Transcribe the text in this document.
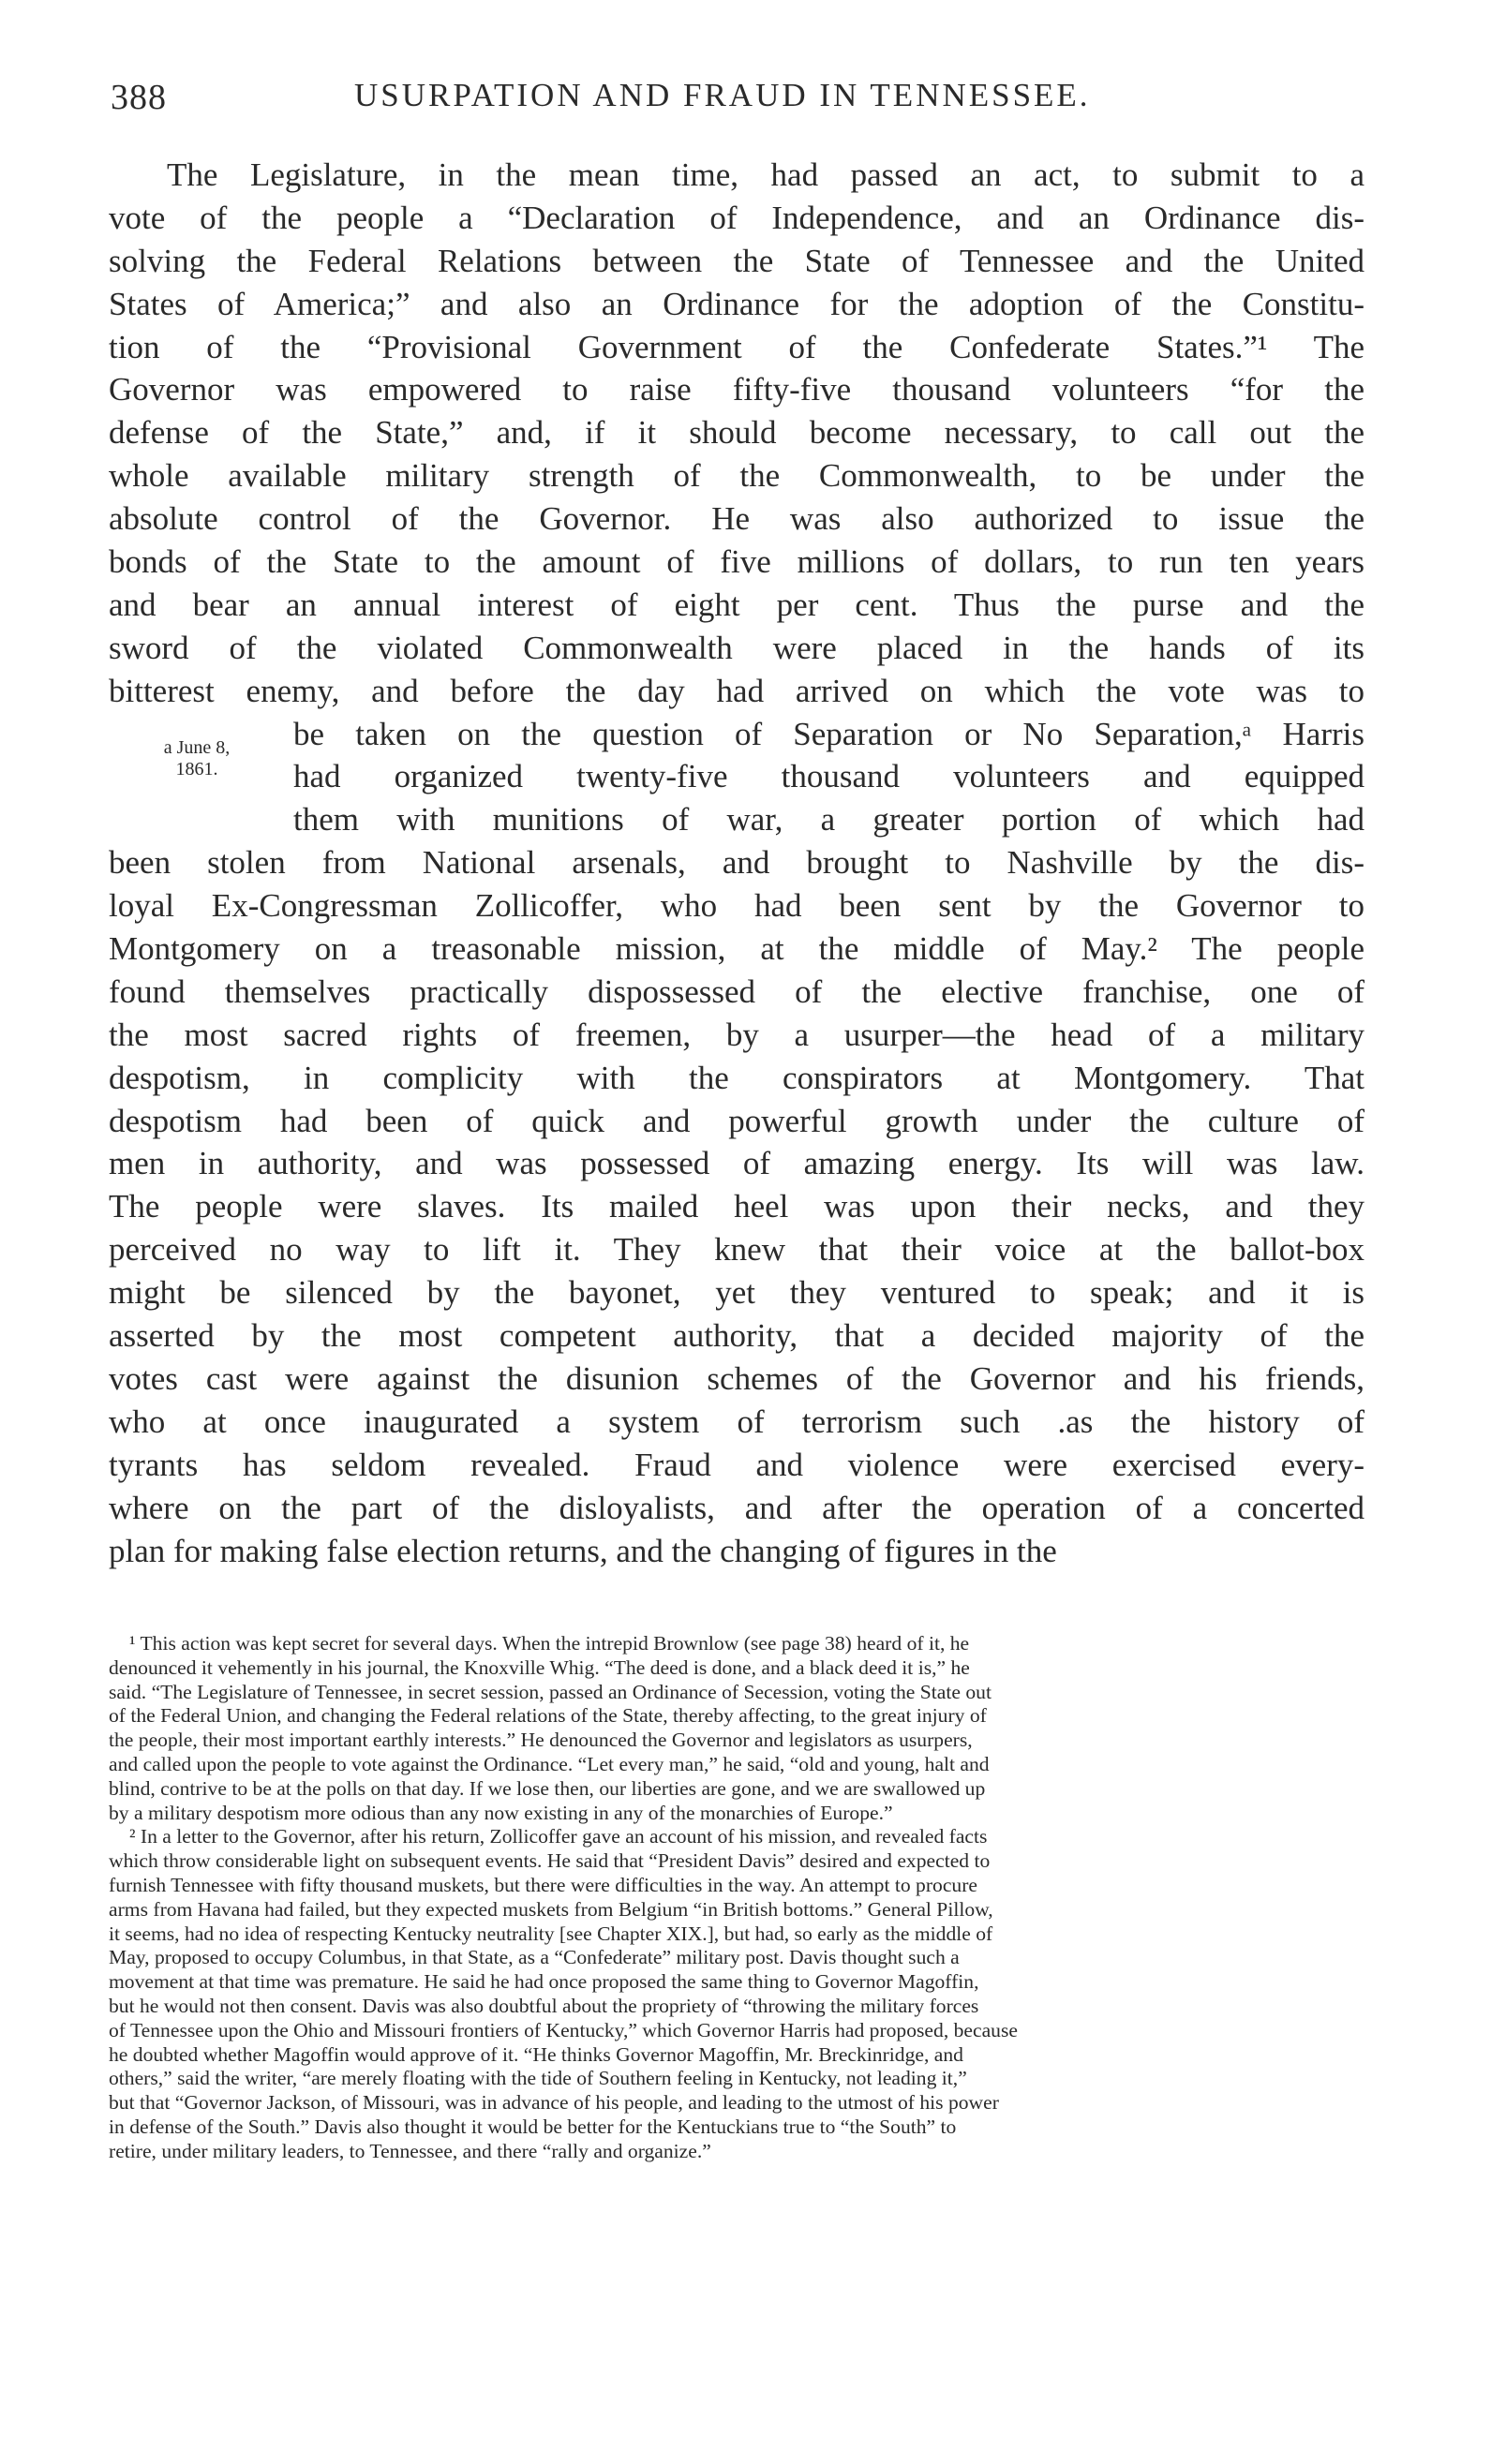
388	USURPATION AND FRAUD IN TENNESSEE.
a June 8,
1861.
The Legislature, in the mean time, had passed an act, to submit to a
vote of the people a “Declaration of Independence, and an Ordinance dis-
solving the Federal Relations between the State of Tennessee and the United
States of America;” and also an Ordinance for the adoption of the Constitu-
tion of the “Provisional Government of the Confederate States.”¹ The
Governor was empowered to raise fifty-five thousand volunteers “for the
defense of the State,” and, if it should become necessary, to call out the
whole available military strength of the Commonwealth, to be under the
absolute control of the Governor. He was also authorized to issue the
bonds of the State to the amount of five millions of dollars, to run ten years
and bear an annual interest of eight per cent. Thus the purse and the
sword of the violated Commonwealth were placed in the hands of its
bitterest enemy, and before the day had arrived on which the vote was to
be taken on the question of Separation or No Separation,ᵃ Harris
had organized twenty-five thousand volunteers and equipped
them with munitions of war, a greater portion of which had
been stolen from National arsenals, and brought to Nashville by the dis-
loyal Ex-Congressman Zollicoffer, who had been sent by the Governor to
Montgomery on a treasonable mission, at the middle of May.² The people
found themselves practically dispossessed of the elective franchise, one of
the most sacred rights of freemen, by a usurper—the head of a military
despotism, in complicity with the conspirators at Montgomery. That
despotism had been of quick and powerful growth under the culture of
men in authority, and was possessed of amazing energy. Its will was law.
The people were slaves. Its mailed heel was upon their necks, and they
perceived no way to lift it. They knew that their voice at the ballot-box
might be silenced by the bayonet, yet they ventured to speak; and it is
asserted by the most competent authority, that a decided majority of the
votes cast were against the disunion schemes of the Governor and his friends,
who at once inaugurated a system of terrorism such .as the history of
tyrants has seldom revealed. Fraud and violence were exercised every-
where on the part of the disloyalists, and after the operation of a concerted
plan for making false election returns, and the changing of figures in the
¹ This action was kept secret for several days. When the intrepid Brownlow (see page 38) heard of it, he
denounced it vehemently in his journal, the Knoxville Whig. “The deed is done, and a black deed it is,” he
said. “The Legislature of Tennessee, in secret session, passed an Ordinance of Secession, voting the State out
of the Federal Union, and changing the Federal relations of the State, thereby affecting, to the great injury of
the people, their most important earthly interests.” He denounced the Governor and legislators as usurpers,
and called upon the people to vote against the Ordinance. “Let every man,” he said, “old and young, halt and
blind, contrive to be at the polls on that day. If we lose then, our liberties are gone, and we are swallowed up
by a military despotism more odious than any now existing in any of the monarchies of Europe.”
² In a letter to the Governor, after his return, Zollicoffer gave an account of his mission, and revealed facts
which throw considerable light on subsequent events. He said that “President Davis” desired and expected to
furnish Tennessee with fifty thousand muskets, but there were difficulties in the way. An attempt to procure
arms from Havana had failed, but they expected muskets from Belgium “in British bottoms.” General Pillow,
it seems, had no idea of respecting Kentucky neutrality [see Chapter XIX.], but had, so early as the middle of
May, proposed to occupy Columbus, in that State, as a “Confederate” military post. Davis thought such a
movement at that time was premature. He said he had once proposed the same thing to Governor Magoffin,
but he would not then consent. Davis was also doubtful about the propriety of “throwing the military forces
of Tennessee upon the Ohio and Missouri frontiers of Kentucky,” which Governor Harris had proposed, because
he doubted whether Magoffin would approve of it. “He thinks Governor Magoffin, Mr. Breckinridge, and
others,” said the writer, “are merely floating with the tide of Southern feeling in Kentucky, not leading it,”
but that “Governor Jackson, of Missouri, was in advance of his people, and leading to the utmost of his power
in defense of the South.” Davis also thought it would be better for the Kentuckians true to “the South” to
retire, under military leaders, to Tennessee, and there “rally and organize.”
